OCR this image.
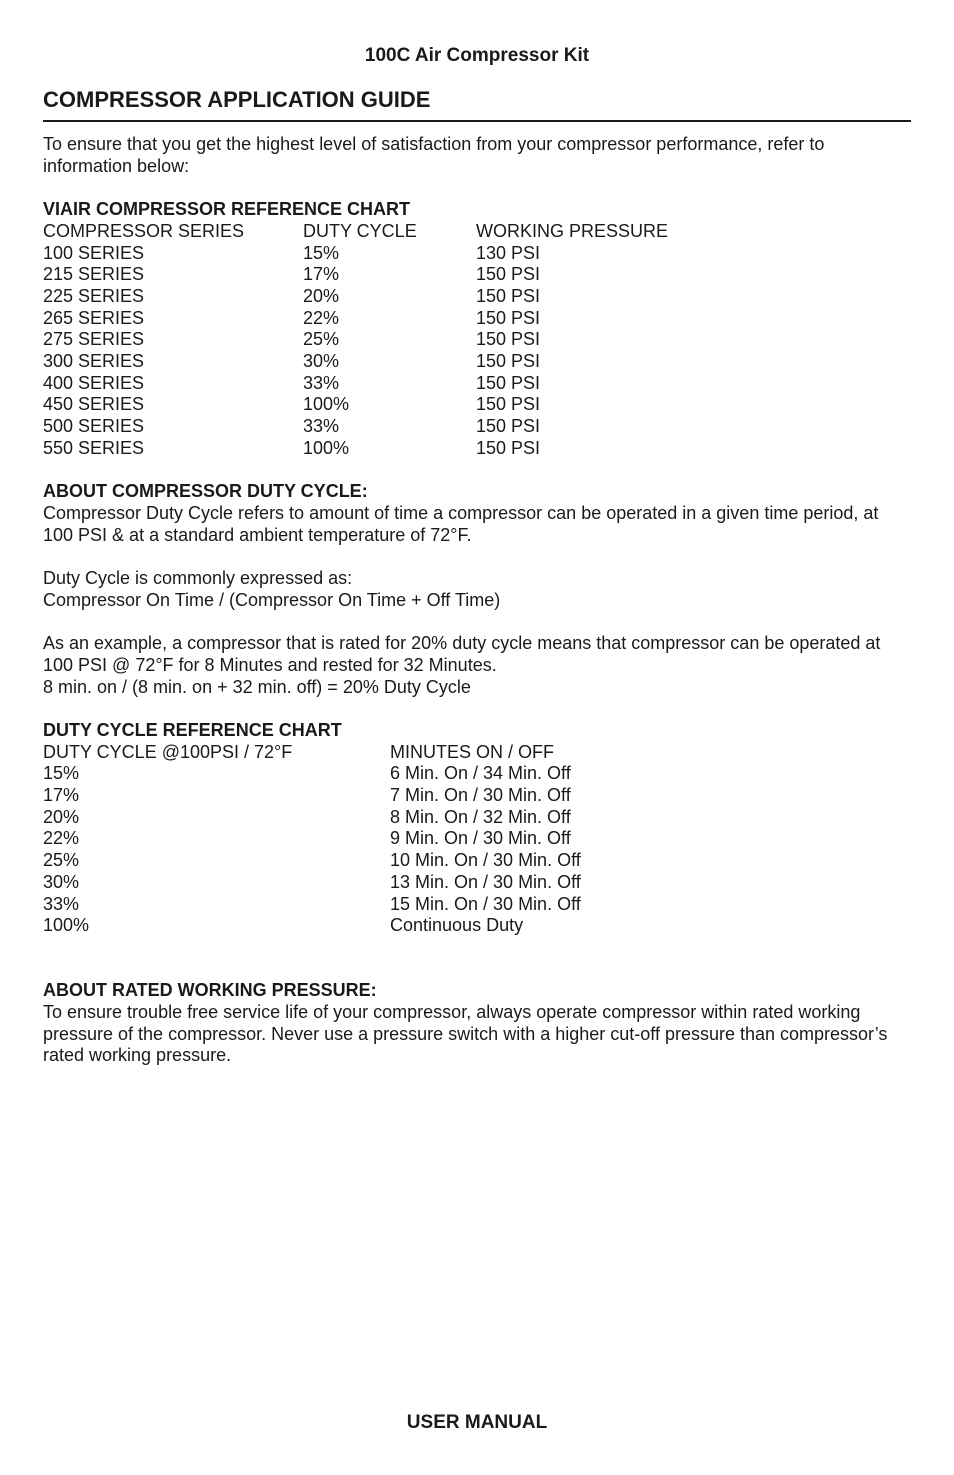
100C Air Compressor Kit
COMPRESSOR APPLICATION GUIDE

To ensure that you get the highest level of satisfaction from your compressor performance, refer to information below:

VIAIR COMPRESSOR REFERENCE CHART

COMPRESSOR SERIES	DUTY CYCLE	WORKING PRESSURE
100 SERIES	15%	130 PSI
215 SERIES	17%	150 PSI
225 SERIES	20%	150 PSI
265 SERIES	22%	150 PSI
275 SERIES	25%	150 PSI
300 SERIES	30%	150 PSI
400 SERIES	33%	150 PSI
450 SERIES	100%	150 PSI
500 SERIES	33%	150 PSI
550 SERIES	100%	150 PSI

ABOUT COMPRESSOR DUTY CYCLE:

Compressor Duty Cycle refers to amount of time a compressor can be operated in a given time period, at 100 PSI & at a standard ambient temperature of 72°F.

Duty Cycle is commonly expressed as:

Compressor On Time / (Compressor On Time + Off Time)

As an example, a compressor that is rated for 20% duty cycle means that compressor can be operated at 100 PSI @ 72°F for 8 Minutes and rested for 32 Minutes.

8 min. on / (8 min. on + 32 min. off) = 20% Duty Cycle

DUTY CYCLE REFERENCE CHART

DUTY CYCLE @100PSI / 72°F	MINUTES ON / OFF
15%	6 Min. On / 34 Min. Off
17%	7 Min. On / 30 Min. Off
20%	8 Min. On / 32 Min. Off
22%	9 Min. On / 30 Min. Off
25%	10 Min. On / 30 Min. Off
30%	13 Min. On / 30 Min. Off
33%	15 Min. On / 30 Min. Off
100%	Continuous Duty

ABOUT RATED WORKING PRESSURE:

To ensure trouble free service life of your compressor, always operate compressor within rated working pressure of the compressor. Never use a pressure switch with a higher cut-off pressure than compressor’s rated working pressure.

USER MANUAL
